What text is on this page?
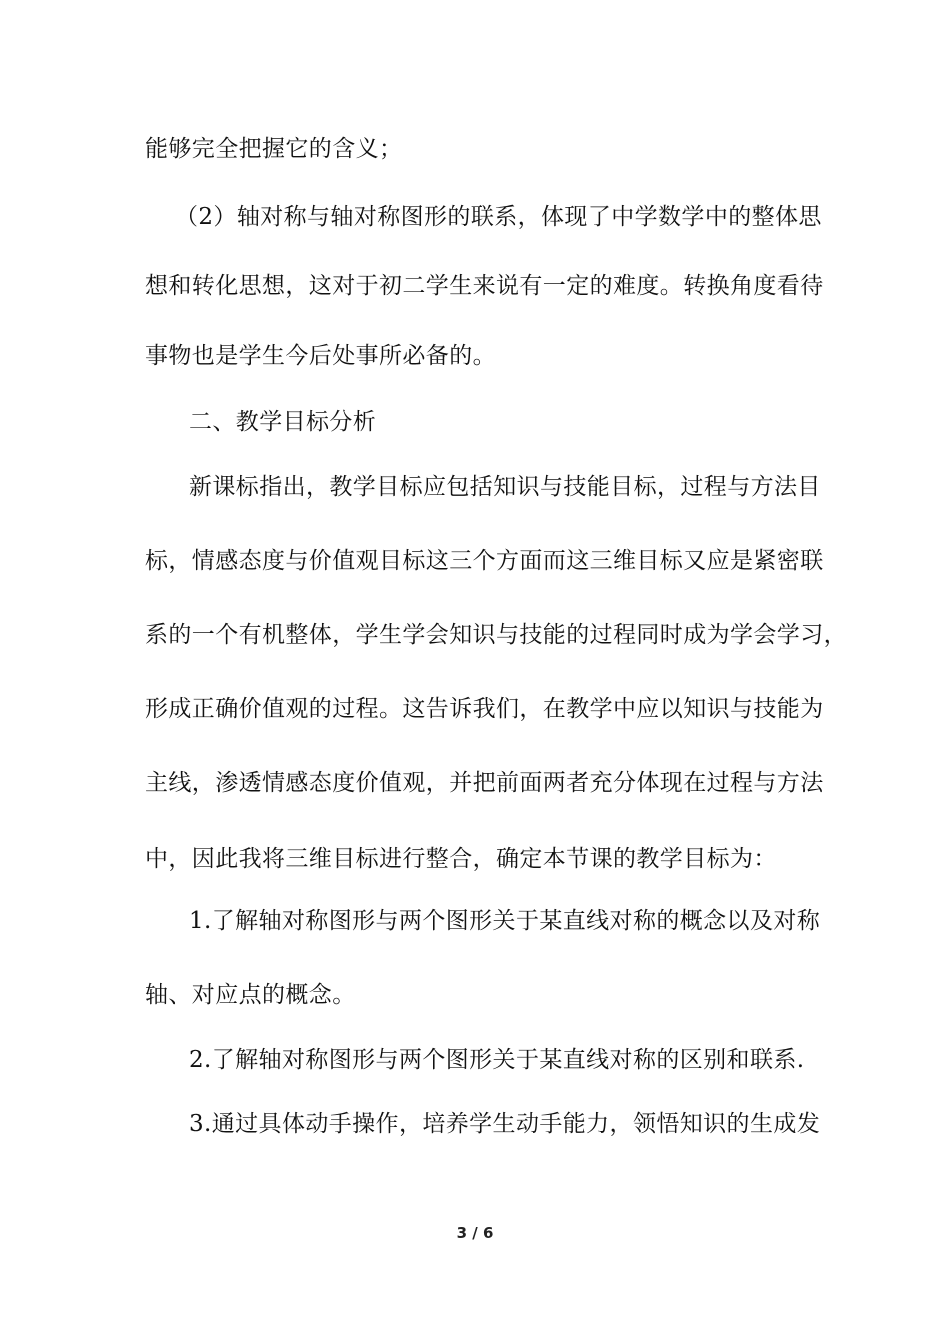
能够完全把握它的含义；
（2）轴对称与轴对称图形的联系，体现了中学数学中的整体思
想和转化思想，这对于初二学生来说有一定的难度。转换角度看待
事物也是学生今后处事所必备的。
二、教学目标分析
新课标指出，教学目标应包括知识与技能目标，过程与方法目
标，情感态度与价值观目标这三个方面而这三维目标又应是紧密联
系的一个有机整体，学生学会知识与技能的过程同时成为学会学习，
形成正确价值观的过程。这告诉我们，在教学中应以知识与技能为
主线，渗透情感态度价值观，并把前面两者充分体现在过程与方法
中，因此我将三维目标进行整合，确定本节课的教学目标为：
1.了解轴对称图形与两个图形关于某直线对称的概念以及对称
轴、对应点的概念。
2.了解轴对称图形与两个图形关于某直线对称的区别和联系.
3.通过具体动手操作，培养学生动手能力，领悟知识的生成发
3 / 6
